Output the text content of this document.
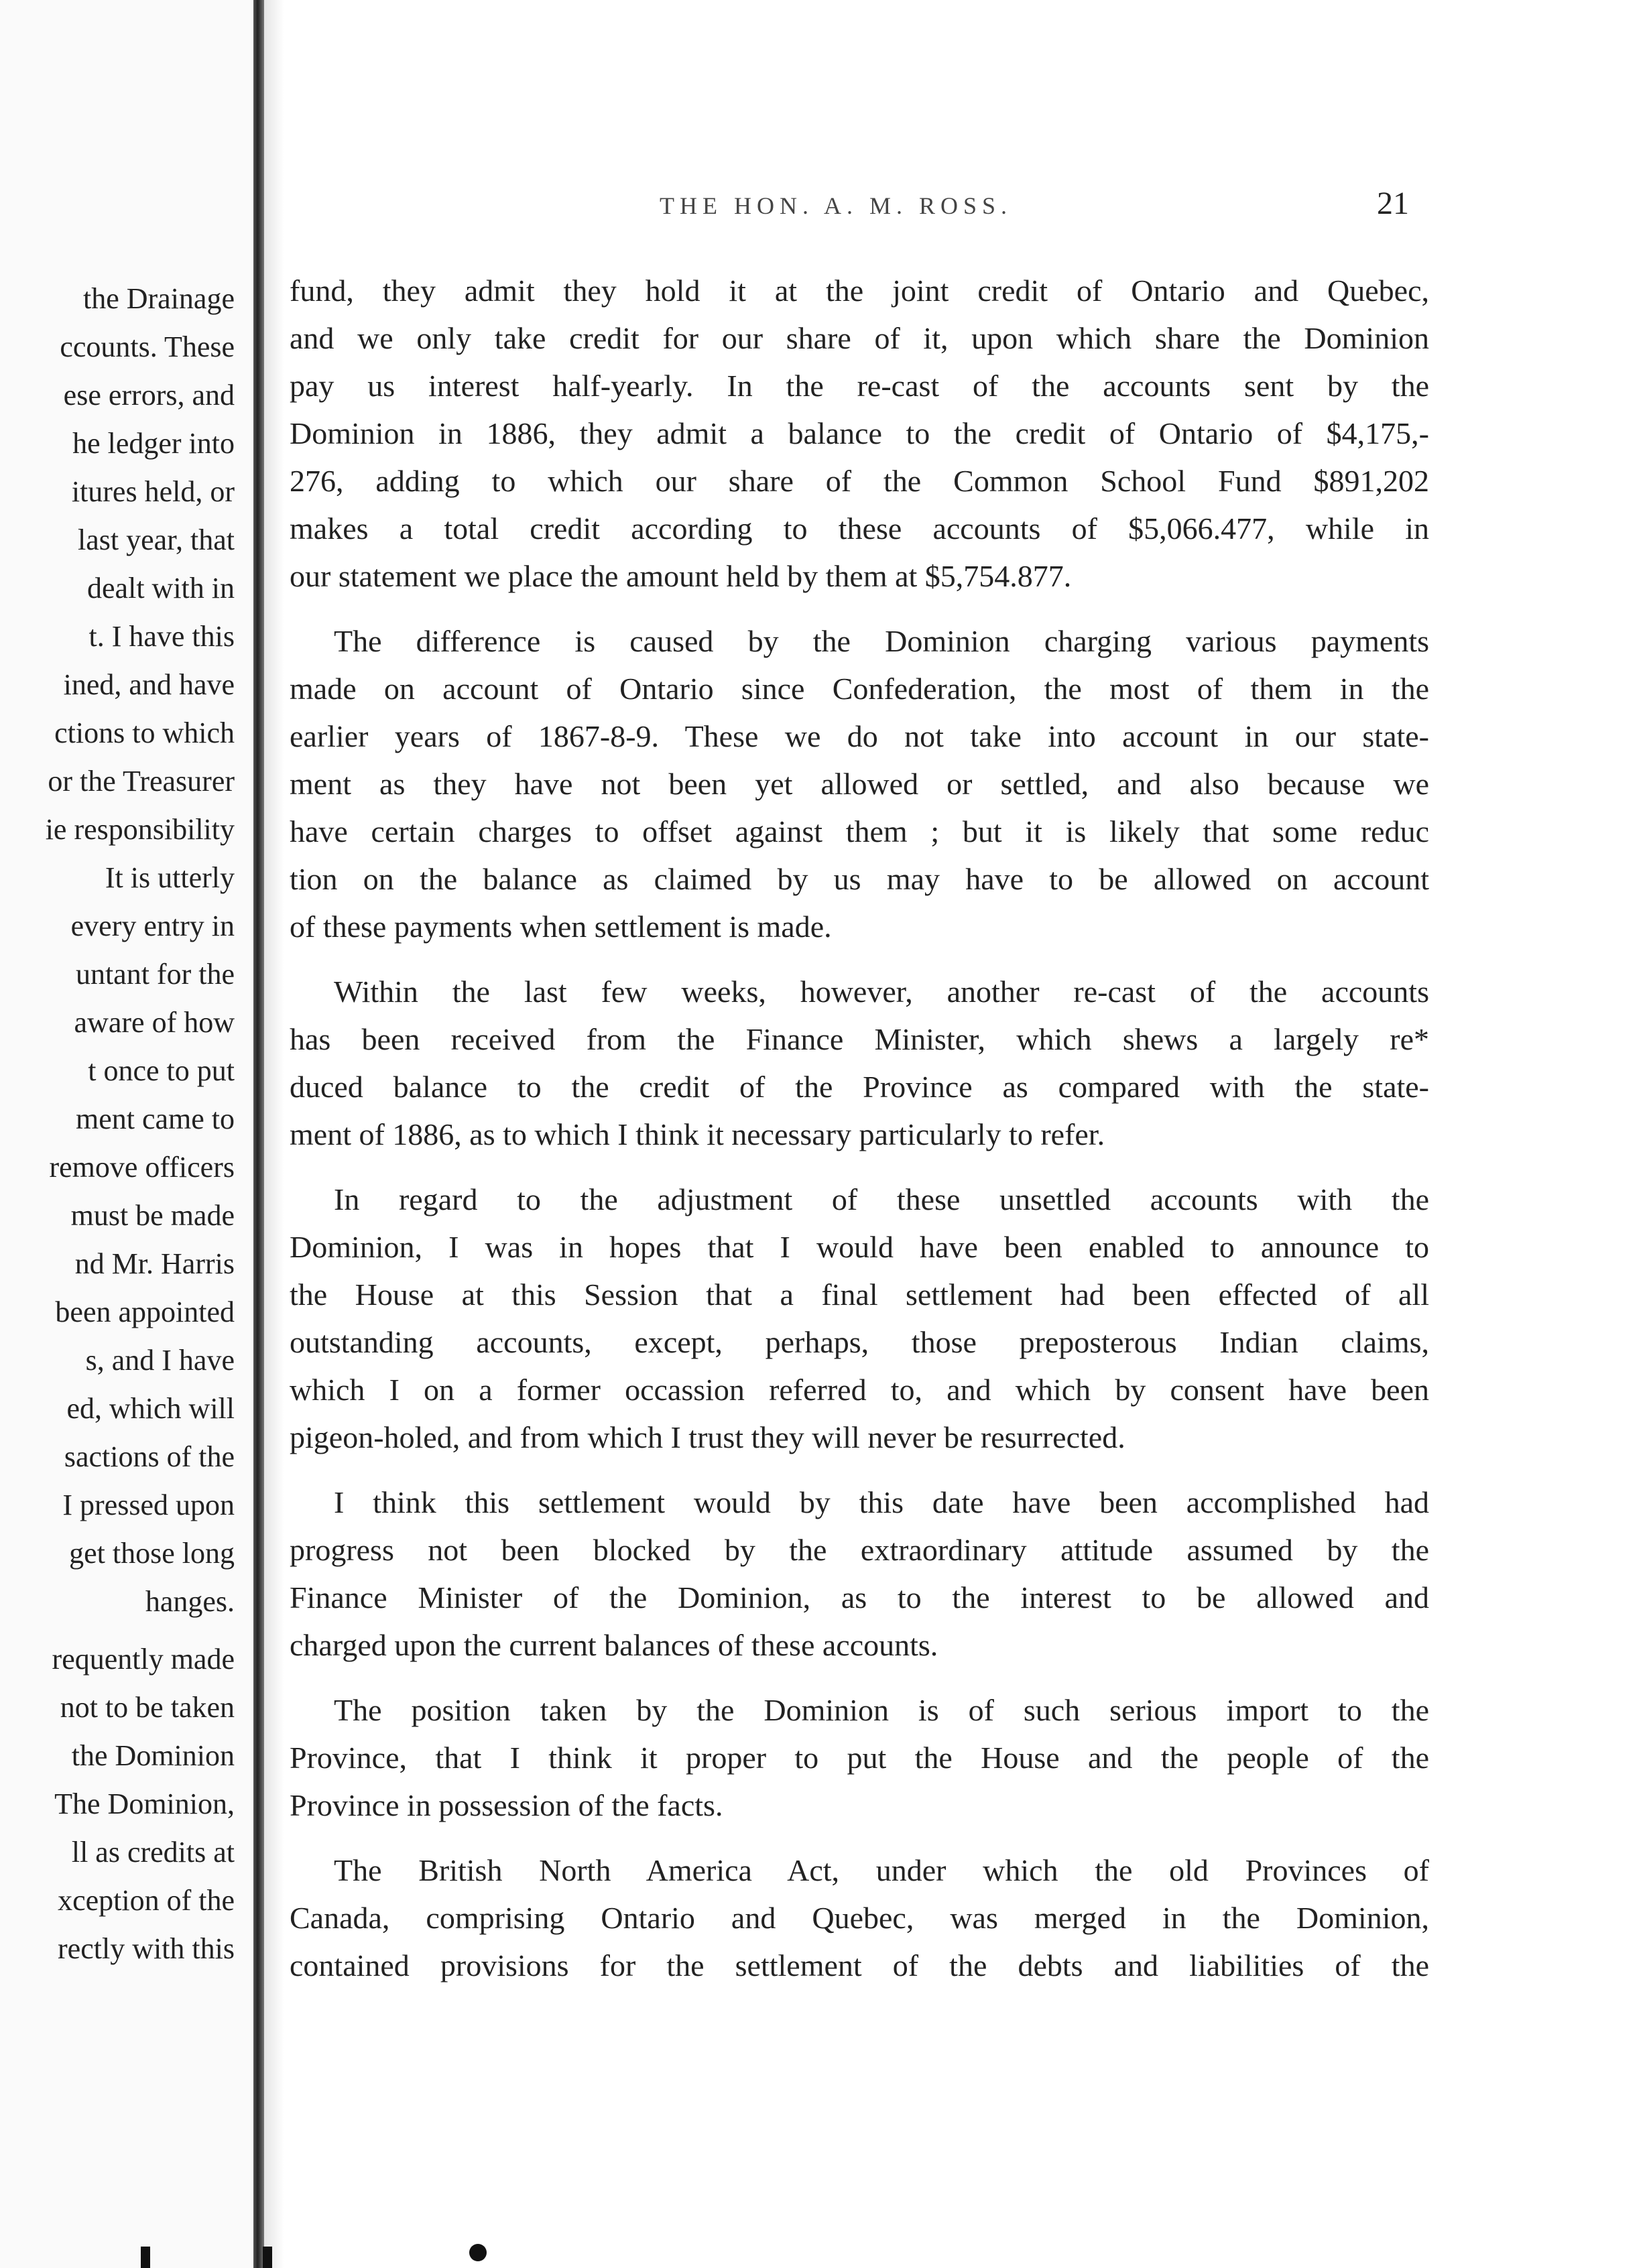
the Drainage
ccounts. These
ese errors, and
he ledger into
itures held, or
last year, that
dealt with in
t. I have this
ined, and have
ctions to which
or the Treasurer
ie responsibility
It is utterly
every entry in
untant for the
aware of how
t once to put
ment came to
remove officers
must be made
nd Mr. Harris
been appointed
s, and I have
ed, which will
sactions of the
I pressed upon
get those long
hanges.
requently made
not to be taken
the Dominion
The Dominion,
ll as credits at
xception of the
rectly with this
THE HON. A. M. ROSS.	21
fund, they admit they hold it at the joint credit of Ontario and Quebec,
and we only take credit for our share of it, upon which share the Dominion
pay us interest half-yearly. In the re-cast of the accounts sent by the
Dominion in 1886, they admit a balance to the credit of Ontario of $4,175,-
276, adding to which our share of the Common School Fund $891,202
makes a total credit according to these accounts of $5,066.477, while in
our statement we place the amount held by them at $5,754.877.
The difference is caused by the Dominion charging various payments
made on account of Ontario since Confederation, the most of them in the
earlier years of 1867-8-9. These we do not take into account in our state-
ment as they have not been yet allowed or settled, and also because we
have certain charges to offset against them ; but it is likely that some reduc
tion on the balance as claimed by us may have to be allowed on account
of these payments when settlement is made.
Within the last few weeks, however, another re-cast of the accounts
has been received from the Finance Minister, which shews a largely re*
duced balance to the credit of the Province as compared with the state-
ment of 1886, as to which I think it necessary particularly to refer.
In regard to the adjustment of these unsettled accounts with the
Dominion, I was in hopes that I would have been enabled to announce to
the House at this Session that a final settlement had been effected of all
outstanding accounts, except, perhaps, those preposterous Indian claims,
which I on a former occassion referred to, and which by consent have been
pigeon-holed, and from which I trust they will never be resurrected.
I think this settlement would by this date have been accomplished had
progress not been blocked by the extraordinary attitude assumed by the
Finance Minister of the Dominion, as to the interest to be allowed and
charged upon the current balances of these accounts.
The position taken by the Dominion is of such serious import to the
Province, that I think it proper to put the House and the people of the
Province in possession of the facts.
The British North America Act, under which the old Provinces of
Canada, comprising Ontario and Quebec, was merged in the Dominion,
contained provisions for the settlement of the debts and liabilities of the
